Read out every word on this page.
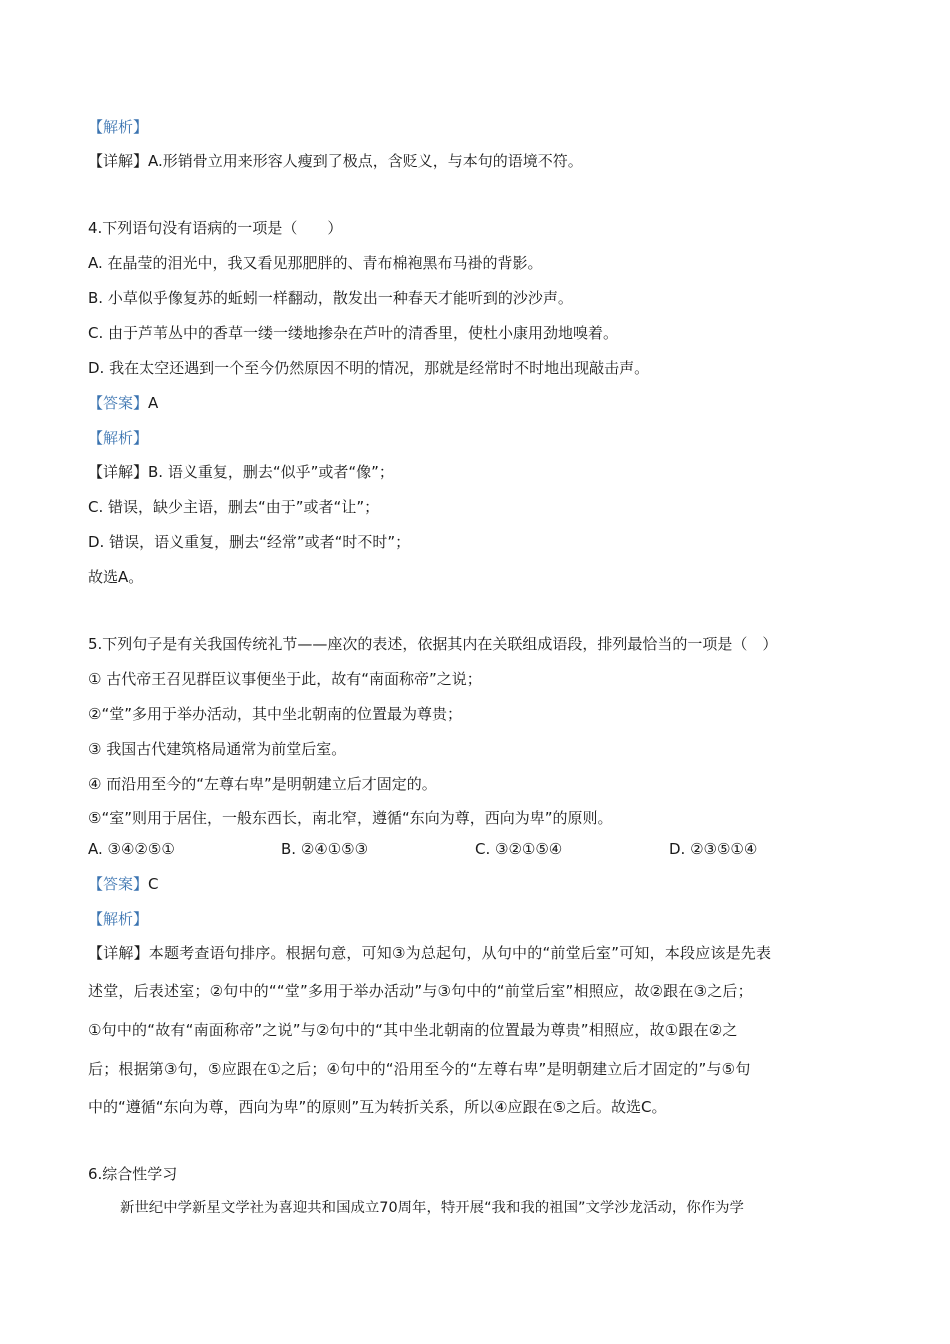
【解析】
【详解】A.形销骨立用来形容人瘦到了极点，含贬义，与本句的语境不符。
4.下列语句没有语病的一项是（　　）
A. 在晶莹的泪光中，我又看见那肥胖的、青布棉袍黑布马褂的背影。
B. 小草似乎像复苏的蚯蚓一样翻动，散发出一种春天才能听到的沙沙声。
C. 由于芦苇丛中的香草一缕一缕地掺杂在芦叶的清香里，使杜小康用劲地嗅着。
D. 我在太空还遇到一个至今仍然原因不明的情况，那就是经常时不时地出现敲击声。
【答案】A
【解析】
【详解】B. 语义重复，删去“似乎”或者“像”；
C. 错误，缺少主语，删去“由于”或者“让”；
D. 错误，语义重复，删去“经常”或者“时不时”；
故选A。
5.下列句子是有关我国传统礼节——座次的表述，依据其内在关联组成语段，排列最恰当的一项是（　）
① 古代帝王召见群臣议事便坐于此，故有“南面称帝”之说；
②“堂”多用于举办活动，其中坐北朝南的位置最为尊贵；
③ 我国古代建筑格局通常为前堂后室。
④ 而沿用至今的“左尊右卑”是明朝建立后才固定的。
⑤“室”则用于居住，一般东西长，南北窄，遵循“东向为尊，西向为卑”的原则。
A. ③④②⑤①	B. ②④①⑤③	C. ③②①⑤④	D. ②③⑤①④
【答案】C
【解析】
【详解】本题考查语句排序。根据句意，可知③为总起句，从句中的“前堂后室”可知，本段应该是先表
述堂，后表述室；②句中的““堂”多用于举办活动”与③句中的“前堂后室”相照应，故②跟在③之后；
①句中的“故有“南面称帝”之说”与②句中的“其中坐北朝南的位置最为尊贵”相照应，故①跟在②之
后；根据第③句，⑤应跟在①之后；④句中的“沿用至今的“左尊右卑”是明朝建立后才固定的”与⑤句
中的“遵循“东向为尊，西向为卑”的原则”互为转折关系，所以④应跟在⑤之后。故选C。
6.综合性学习
新世纪中学新星文学社为喜迎共和国成立70周年，特开展“我和我的祖国”文学沙龙活动，你作为学
